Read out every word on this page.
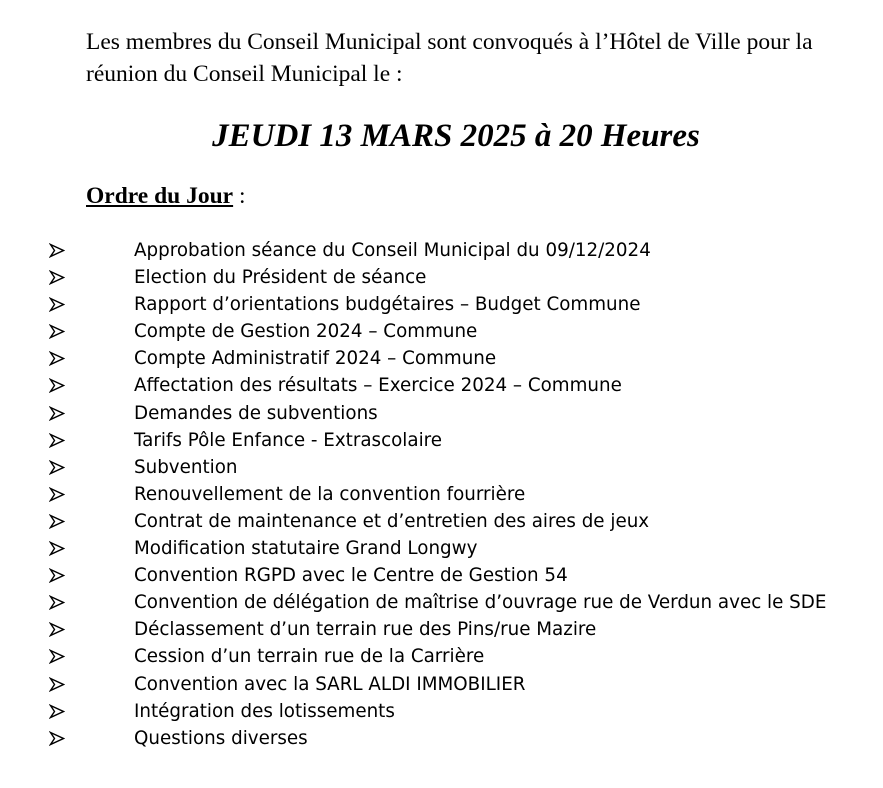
Les membres du Conseil Municipal sont convoqués à l’Hôtel de Ville pour la
réunion du Conseil Municipal le :
JEUDI 13 MARS 2025 à 20 Heures
Ordre du Jour :
Approbation séance du Conseil Municipal du 09/12/2024
Election du Président de séance
Rapport d’orientations budgétaires – Budget Commune
Compte de Gestion 2024 – Commune
Compte Administratif 2024 – Commune
Affectation des résultats – Exercice 2024 – Commune
Demandes de subventions
Tarifs Pôle Enfance - Extrascolaire
Subvention
Renouvellement de la convention fourrière
Contrat de maintenance et d’entretien des aires de jeux
Modification statutaire Grand Longwy
Convention RGPD avec le Centre de Gestion 54
Convention de délégation de maîtrise d’ouvrage rue de Verdun avec le SDE
Déclassement d’un terrain rue des Pins/rue Mazire
Cession d’un terrain rue de la Carrière
Convention avec la SARL ALDI IMMOBILIER
Intégration des lotissements
Questions diverses
